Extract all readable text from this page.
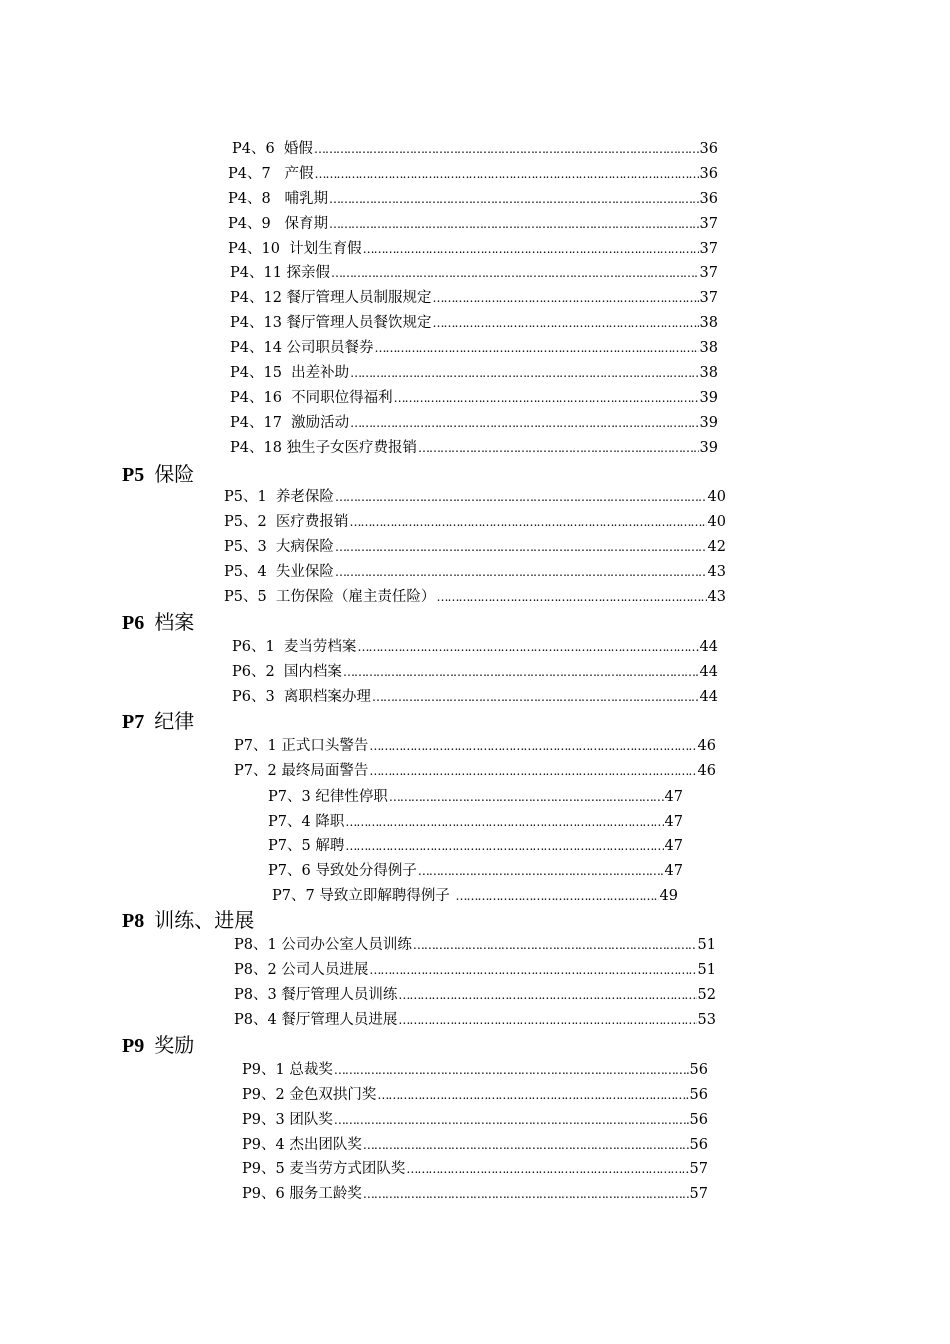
P4、6  婚假 …………………………………………………………………………………………………………………………………………	36
P4、7   产假 …………………………………………………………………………………………………………………………………………	36
P4、8   哺乳期 …………………………………………………………………………………………………………………………………………	36
P4、9   保育期 …………………………………………………………………………………………………………………………………………	37
P4、10  计划生育假 …………………………………………………………………………………………………………………………………………	37
P4、11 探亲假 …………………………………………………………………………………………………………………………………………	37
P4、12 餐厅管理人员制服规定 …………………………………………………………………………………………………………………………………………	37
P4、13 餐厅管理人员餐饮规定 …………………………………………………………………………………………………………………………………………	38
P4、14 公司职员餐券 …………………………………………………………………………………………………………………………………………	38
P4、15  出差补助 …………………………………………………………………………………………………………………………………………	38
P4、16  不同职位得福利 …………………………………………………………………………………………………………………………………………	39
P4、17  激励活动 …………………………………………………………………………………………………………………………………………	39
P4、18 独生子女医疗费报销 …………………………………………………………………………………………………………………………………………	39
P5 保险
P5、1  养老保险 …………………………………………………………………………………………………………………………………………	40
P5、2  医疗费报销 …………………………………………………………………………………………………………………………………………	40
P5、3  大病保险 …………………………………………………………………………………………………………………………………………	42
P5、4  失业保险 …………………………………………………………………………………………………………………………………………	43
P5、5  工伤保险（雇主责任险） …………………………………………………………………………………………………………………………………………	43
P6 档案
P6、1  麦当劳档案 …………………………………………………………………………………………………………………………………………	44
P6、2  国内档案 …………………………………………………………………………………………………………………………………………	44
P6、3  离职档案办理 …………………………………………………………………………………………………………………………………………	44
P7 纪律
P7、1 正式口头警告 …………………………………………………………………………………………………………………………………………	46
P7、2 最终局面警告 …………………………………………………………………………………………………………………………………………	46
P7、3 纪律性停职 …………………………………………………………………………………………………………………………………………	47
P7、4 降职 …………………………………………………………………………………………………………………………………………	47
P7、5 解聘 …………………………………………………………………………………………………………………………………………	47
P7、6 导致处分得例子 …………………………………………………………………………………………………………………………………………	47
P7、7 导致立即解聘得例子 …………………………………………………………………………………………………………………………………………	49
P8 训练、进展
P8、1 公司办公室人员训练 …………………………………………………………………………………………………………………………………………	51
P8、2 公司人员进展 …………………………………………………………………………………………………………………………………………	51
P8、3 餐厅管理人员训练 …………………………………………………………………………………………………………………………………………	52
P8、4 餐厅管理人员进展 …………………………………………………………………………………………………………………………………………	53
P9 奖励
P9、1 总裁奖 …………………………………………………………………………………………………………………………………………	56
P9、2 金色双拱门奖 …………………………………………………………………………………………………………………………………………	56
P9、3 团队奖 …………………………………………………………………………………………………………………………………………	56
P9、4 杰出团队奖 …………………………………………………………………………………………………………………………………………	56
P9、5 麦当劳方式团队奖 …………………………………………………………………………………………………………………………………………	57
P9、6 服务工龄奖 …………………………………………………………………………………………………………………………………………	57
